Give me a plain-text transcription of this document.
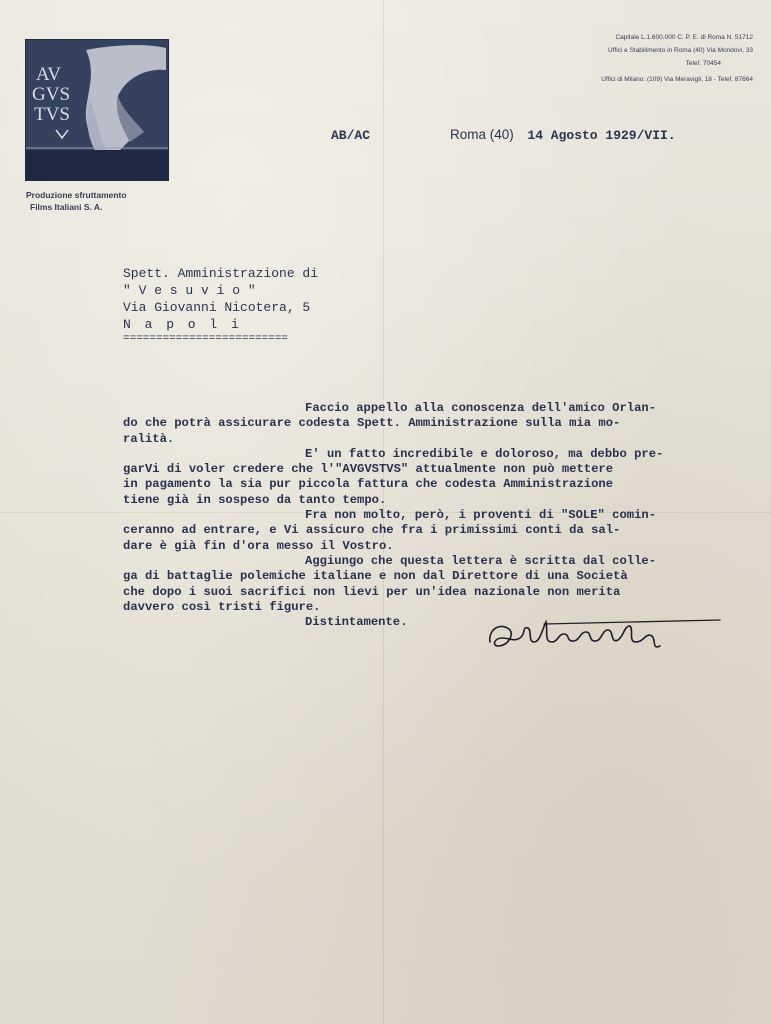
AV
GVS
TVS
Produzione sfruttamento
Films Italiani S. A.
Capitale L.1.600.000 C. P. E. di Roma N. 51712
Uffici e Stabilimento in Roma (40) Via Mondovi, 33
Telef. 70454
Uffici di Milano: (109) Via Meravigli, 18 - Telef. 87664
AB/AC	Roma (40) 14 Agosto 1929/VII.
Spett. Amministrazione di
" V e s u v i o "
Via Giovanni Nicotera, 5
N a p o l i
=========================
Faccio appello alla conoscenza dell'amico Orlan-
do che potrà assicurare codesta Spett. Amministrazione sulla mia mo-
ralità.
E' un fatto incredibile e doloroso, ma debbo pre-
garVi di voler credere che l'"AVGVSTVS" attualmente non può mettere
in pagamento la sia pur piccola fattura che codesta Amministrazione
tiene già in sospeso da tanto tempo.
Fra non molto, però, i proventi di "SOLE" comin-
ceranno ad entrare, e Vi assicuro che fra i primissimi conti da sal-
dare è già fin d'ora messo il Vostro.
Aggiungo che questa lettera è scritta dal colle-
ga di battaglie polemiche italiane e non dal Direttore di una Società
che dopo i suoi sacrifici non lievi per un'idea nazionale non merita
davvero così tristi figure.
Distintamente.
